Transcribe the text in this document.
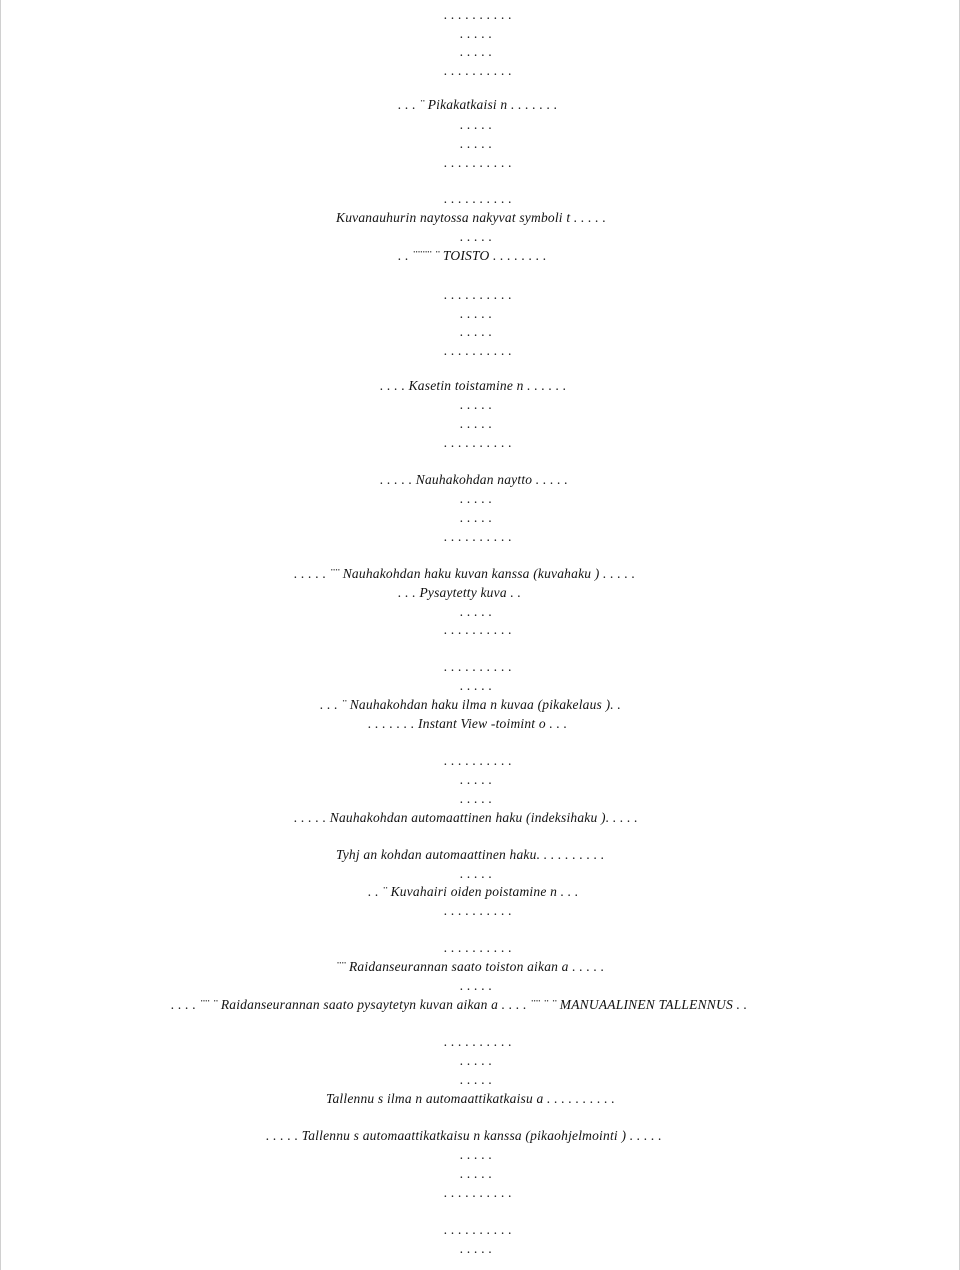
. . . . . . . . . .
. . . . .
. . . . .
. . . . . . . . . .
. . . ¨ Pikakatkaisi n . . . . . . .
. . . . .
. . . . .
. . . . . . . . . .
. . . . . . . . . .
Kuvanauhurin naytossa nakyvat symboli t . . . . .
. . . . .
. . ¨¨¨¨ ¨ TOISTO . . . . . . . .
. . . . . . . . . .
. . . . .
. . . . .
. . . . . . . . . .
. . . . Kasetin toistamine n . . . . . .
. . . . .
. . . . .
. . . . . . . . . .
. . . . . Nauhakohdan naytto . . . . .
. . . . .
. . . . .
. . . . . . . . . .
. . . . . ¨¨ Nauhakohdan haku kuvan kanssa (kuvahaku ) . . . . .
. . . Pysaytetty kuva . .
. . . . .
. . . . . . . . . .
. . . . . . . . . .
. . . . .
. . . ¨ Nauhakohdan haku ilma n kuvaa (pikakelaus ). .
. . . . . . . Instant View -toimint o . . .
. . . . . . . . . .
. . . . .
. . . . .
. . . . . Nauhakohdan automaattinen haku (indeksihaku ). . . . .
Tyhj an kohdan automaattinen haku. . . . . . . . . .
. . . . .
. . ¨ Kuvahairi oiden poistamine n . . .
. . . . . . . . . .
. . . . . . . . . .
¨¨ Raidanseurannan saato toiston aikan a . . . . .
. . . . .
. . . . ¨¨ ¨ Raidanseurannan saato pysaytetyn kuvan aikan a . . . . ¨¨ ¨ ¨ MANUAALINEN TALLENNUS . .
. . . . . . . . . .
. . . . .
. . . . .
Tallennu s ilma n automaattikatkaisu a . . . . . . . . . .
. . . . . Tallennu s automaattikatkaisu n kanssa (pikaohjelmointi ) . . . . .
. . . . .
. . . . .
. . . . . . . . . .
. . . . . . . . . .
. . . . .
